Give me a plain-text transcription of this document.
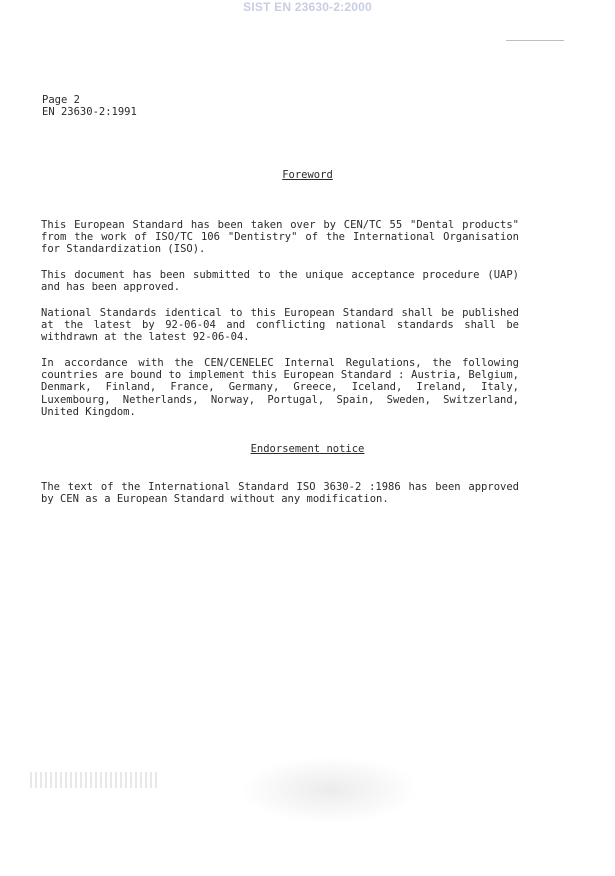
SIST EN 23630-2:2000
Page 2
EN 23630-2:1991
Foreword
This European Standard has been taken over by CEN/TC 55 "Dental products"
from the work of ISO/TC 106 "Dentistry" of the International Organisation
for Standardization (ISO).
This document has been submitted to the unique acceptance procedure (UAP)
and has been approved.
National Standards identical to this European Standard shall be published
at the latest by 92-06-04 and conflicting national standards shall be
withdrawn at the latest 92-06-04.
In accordance with the CEN/CENELEC Internal Regulations, the following
countries are bound to implement this European Standard : Austria, Belgium,
Denmark, Finland, France, Germany, Greece, Iceland, Ireland, Italy,
Luxembourg, Netherlands, Norway, Portugal, Spain, Sweden, Switzerland,
United Kingdom.
Endorsement notice
The text of the International Standard ISO 3630-2 :1986 has been approved
by CEN as a European Standard without any modification.
